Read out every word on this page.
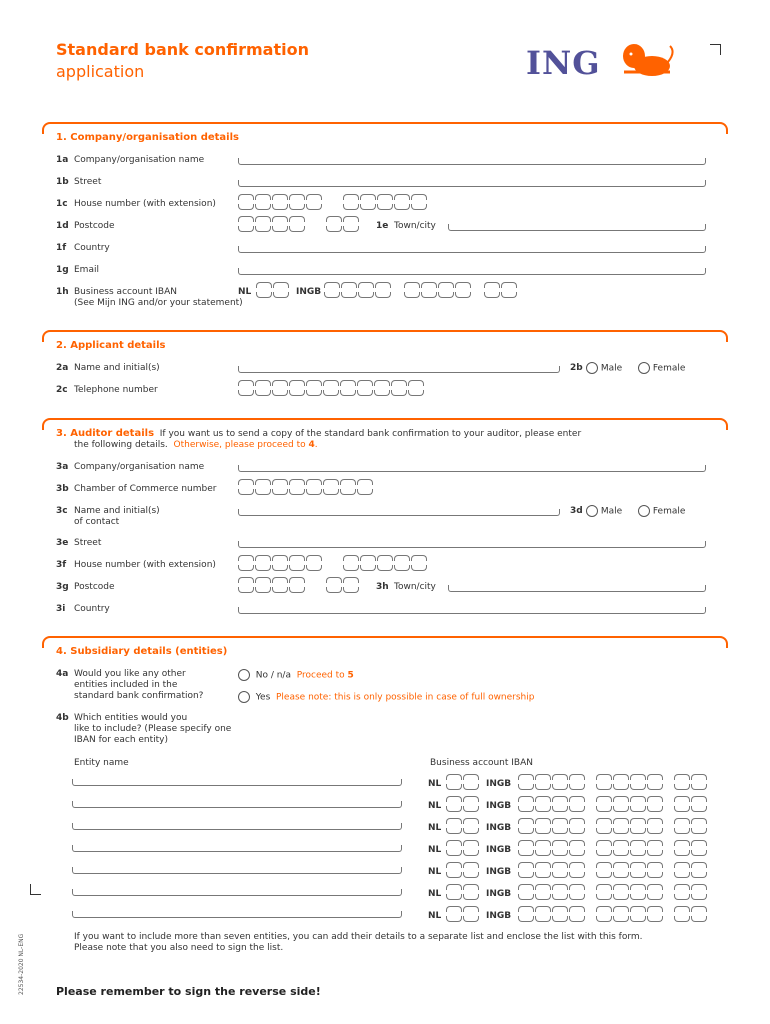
Standard bank confirmation
application	ING
1. Company/organisation details
1a Company/organisation name
1b Street
1c House number (with extension)
1d Postcode	1e Town/city
1f Country
1g Email
1h Business account IBAN
(See Mijn ING and/or your statement)
NL	INGB
2. Applicant details
2a Name and initial(s)	2b	Male	Female
2c Telephone number
3. Auditor details If you want us to send a copy of the standard bank confirmation to your auditor, please enter
the following details. Otherwise, please proceed to 4.
3a Company/organisation name
3b Chamber of Commerce number
3c Name and initial(s)
of contact
3d	Male	Female
3e Street
3f House number (with extension)
3g Postcode	3h Town/city
3i Country
4. Subsidiary details (entities)
4a Would you like any other
entities included in the
standard bank confirmation?
No / n/a Proceed to 5
Yes Please note: this is only possible in case of full ownership
4b Which entities would you
like to include? (Please specify one
IBAN for each entity)
Entity name	Business account IBAN
NL	INGB
NL	INGB
NL	INGB
NL	INGB
NL	INGB
NL	INGB
NL	INGB
If you want to include more than seven entities, you can add their details to a separate list and enclose the list with this form.
Please note that you also need to sign the list.
Please remember to sign the reverse side!
22534-2020 NL-ENG
